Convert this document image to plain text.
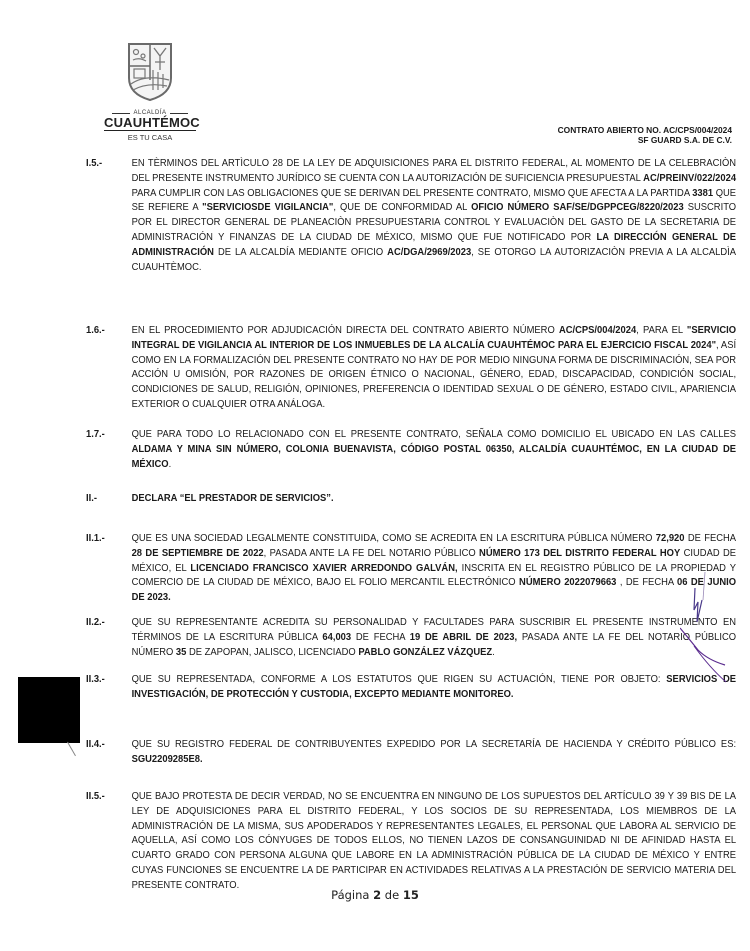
ALCALDÍA
CUAUHTÉMOC
ES TU CASA
CONTRATO ABIERTO NO. AC/CPS/004/2024
SF GUARD S.A. DE C.V.
I.5.-	EN TÈRMINOS DEL ARTÌCULO 28 DE LA LEY DE ADQUISICIONES PARA EL DISTRITO FEDERAL, AL MOMENTO DE LA CELEBRACIÒN DEL PRESENTE INSTRUMENTO JURÍDICO SE CUENTA CON LA AUTORIZACIÓN DE SUFICIENCIA PRESUPUESTAL AC/PREINV/022/2024 PARA CUMPLIR CON LAS OBLIGACIONES QUE SE DERIVAN DEL PRESENTE CONTRATO, MISMO QUE AFECTA A LA PARTIDA 3381 QUE SE REFIERE A "SERVICIOSDE VIGILANCIA", QUE DE CONFORMIDAD AL OFICIO NÚMERO SAF/SE/DGPPCEG/8220/2023 SUSCRITO POR EL DIRECTOR GENERAL DE PLANEACIÒN PRESUPUESTARIA CONTROL Y EVALUACIÒN DEL GASTO DE LA SECRETARIA DE ADMINISTRACIÓN Y FINANZAS DE LA CIUDAD DE MÉXICO, MISMO QUE FUE NOTIFICADO POR LA DIRECCIÓN GENERAL DE ADMINISTRACIÓN DE LA ALCALDÍA MEDIANTE OFICIO AC/DGA/2969/2023, SE OTORGO LA AUTORIZACIÒN PREVIA A LA ALCALDÌA CUAUHTÈMOC.
1.6.-	EN EL PROCEDIMIENTO POR ADJUDICACIÓN DIRECTA DEL CONTRATO ABIERTO NÚMERO AC/CPS/004/2024, PARA EL "SERVICIO INTEGRAL DE VIGILANCIA AL INTERIOR DE LOS INMUEBLES DE LA ALCALÍA CUAUHTÉMOC PARA EL EJERCICIO FISCAL 2024", ASÍ COMO EN LA FORMALIZACIÓN DEL PRESENTE CONTRATO NO HAY DE POR MEDIO NINGUNA FORMA DE DISCRIMINACIÓN, SEA POR ACCIÓN U OMISIÓN, POR RAZONES DE ORIGEN ÉTNICO O NACIONAL, GÉNERO, EDAD, DISCAPACIDAD, CONDICIÓN SOCIAL, CONDICIONES DE SALUD, RELIGIÓN, OPINIONES, PREFERENCIA O IDENTIDAD SEXUAL O DE GÉNERO, ESTADO CIVIL, APARIENCIA EXTERIOR O CUALQUIER OTRA ANÁLOGA.
1.7.-	QUE PARA TODO LO RELACIONADO CON EL PRESENTE CONTRATO, SEÑALA COMO DOMICILIO EL UBICADO EN LAS CALLES ALDAMA Y MINA SIN NÚMERO, COLONIA BUENAVISTA, CÓDIGO POSTAL 06350, ALCALDÍA CUAUHTÉMOC, EN LA CIUDAD DE MÉXICO.
II.-	DECLARA “EL PRESTADOR DE SERVICIOS”.
II.1.-	QUE ES UNA SOCIEDAD LEGALMENTE CONSTITUIDA, COMO SE ACREDITA EN LA ESCRITURA PÚBLICA NÚMERO 72,920 DE FECHA 28 DE SEPTIEMBRE DE 2022, PASADA ANTE LA FE DEL NOTARIO PÚBLICO NÚMERO 173 DEL DISTRITO FEDERAL HOY CIUDAD DE MÉXICO, EL LICENCIADO FRANCISCO XAVIER ARREDONDO GALVÁN, INSCRITA EN EL REGISTRO PÚBLICO DE LA PROPIEDAD Y COMERCIO DE LA CIUDAD DE MÉXICO, BAJO EL FOLIO MERCANTIL ELECTRÓNICO NÚMERO 2022079663 , DE FECHA 06 DE JUNIO DE 2023.
II.2.-	QUE SU REPRESENTANTE ACREDITA SU PERSONALIDAD Y FACULTADES PARA SUSCRIBIR EL PRESENTE INSTRUMENTO EN TÉRMINOS DE LA ESCRITURA PÚBLICA 64,003 DE FECHA 19 DE ABRIL DE 2023, PASADA ANTE LA FE DEL NOTARIO PÚBLICO NÚMERO 35 DE ZAPOPAN, JALISCO, LICENCIADO PABLO GONZÁLEZ VÁZQUEZ.
II.3.-	QUE SU REPRESENTADA, CONFORME A LOS ESTATUTOS QUE RIGEN SU ACTUACIÓN, TIENE POR OBJETO: SERVICIOS DE INVESTIGACIÓN, DE PROTECCIÓN Y CUSTODIA, EXCEPTO MEDIANTE MONITOREO.
II.4.-	QUE SU REGISTRO FEDERAL DE CONTRIBUYENTES EXPEDIDO POR LA SECRETARÍA DE HACIENDA Y CRÉDITO PÚBLICO ES: SGU2209285E8.
II.5.-	QUE BAJO PROTESTA DE DECIR VERDAD, NO SE ENCUENTRA EN NINGUNO DE LOS SUPUESTOS DEL ARTÍCULO 39 Y 39 BIS DE LA LEY DE ADQUISICIONES PARA EL DISTRITO FEDERAL, Y LOS SOCIOS DE SU REPRESENTADA, LOS MIEMBROS DE LA ADMINISTRACIÓN DE LA MISMA, SUS APODERADOS Y REPRESENTANTES LEGALES, EL PERSONAL QUE LABORA AL SERVICIO DE AQUELLA, ASÍ COMO LOS CÓNYUGES DE TODOS ELLOS, NO TIENEN LAZOS DE CONSANGUINIDAD NI DE AFINIDAD HASTA EL CUARTO GRADO CON PERSONA ALGUNA QUE LABORE EN LA ADMINISTRACIÓN PÚBLICA DE LA CIUDAD DE MÉXICO Y ENTRE CUYAS FUNCIONES SE ENCUENTRE LA DE PARTICIPAR EN ACTIVIDADES RELATIVAS A LA PRESTACIÓN DE SERVICIO MATERIA DEL PRESENTE CONTRATO.
Página 2 de 15
